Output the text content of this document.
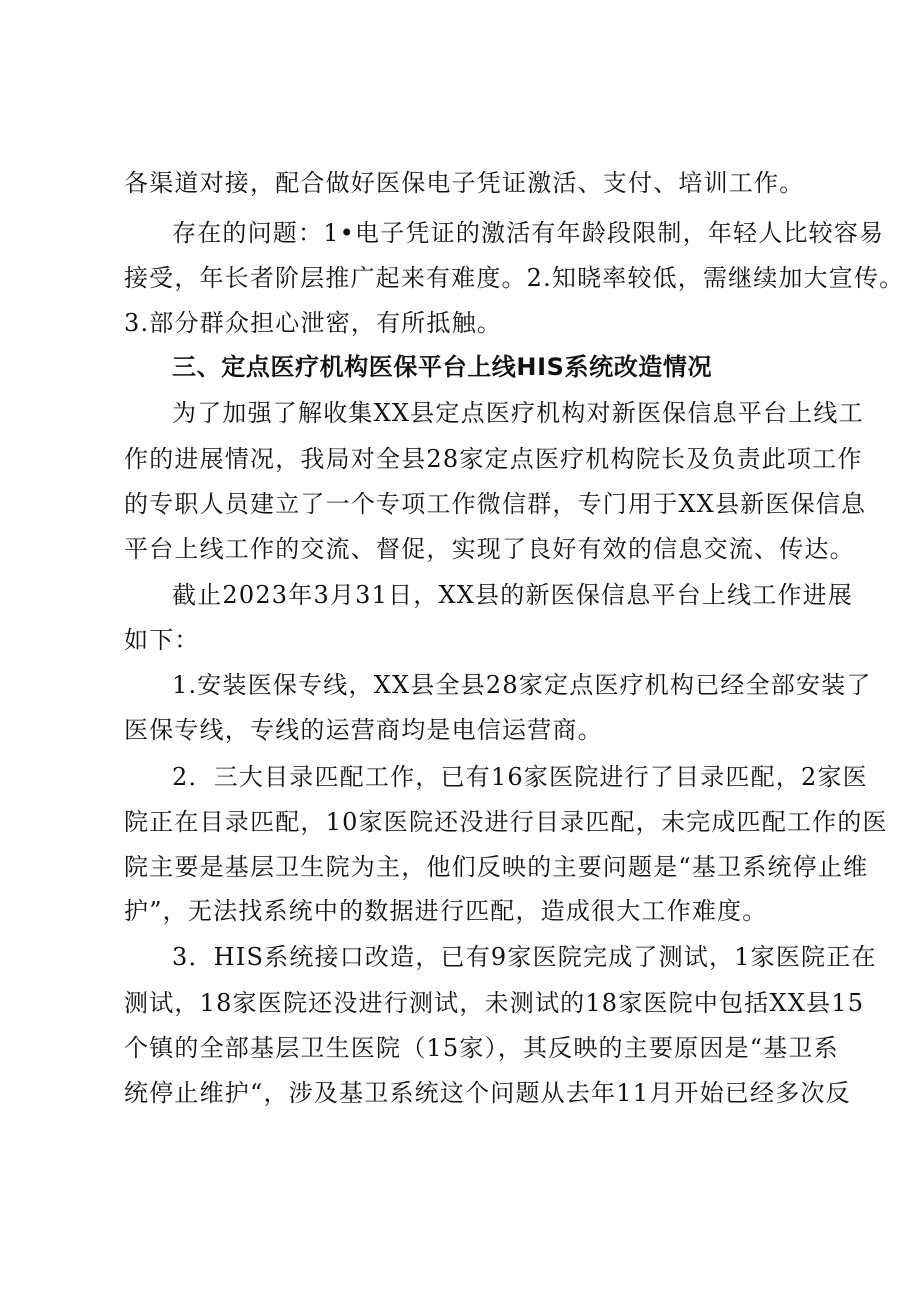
各渠道对接，配合做好医保电子凭证激活、支付、培训工作。
存在的问题：1•电子凭证的激活有年龄段限制，年轻人比较容易
接受，年长者阶层推广起来有难度。2.知晓率较低，需继续加大宣传。
3.部分群众担心泄密，有所抵触。
三、定点医疗机构医保平台上线HIS系统改造情况
为了加强了解收集XX县定点医疗机构对新医保信息平台上线工
作的进展情况，我局对全县28家定点医疗机构院长及负责此项工作
的专职人员建立了一个专项工作微信群，专门用于XX县新医保信息
平台上线工作的交流、督促，实现了良好有效的信息交流、传达。
截止2023年3月31日，XX县的新医保信息平台上线工作进展
如下：
1.安装医保专线，XX县全县28家定点医疗机构已经全部安装了
医保专线，专线的运营商均是电信运营商。
2．三大目录匹配工作，已有16家医院进行了目录匹配，2家医
院正在目录匹配，10家医院还没进行目录匹配，未完成匹配工作的医
院主要是基层卫生院为主，他们反映的主要问题是“基卫系统停止维
护”，无法找系统中的数据进行匹配，造成很大工作难度。
3．HIS系统接口改造，已有9家医院完成了测试，1家医院正在
测试，18家医院还没进行测试，未测试的18家医院中包括XX县15
个镇的全部基层卫生医院（15家），其反映的主要原因是“基卫系
统停止维护“，涉及基卫系统这个问题从去年11月开始已经多次反
